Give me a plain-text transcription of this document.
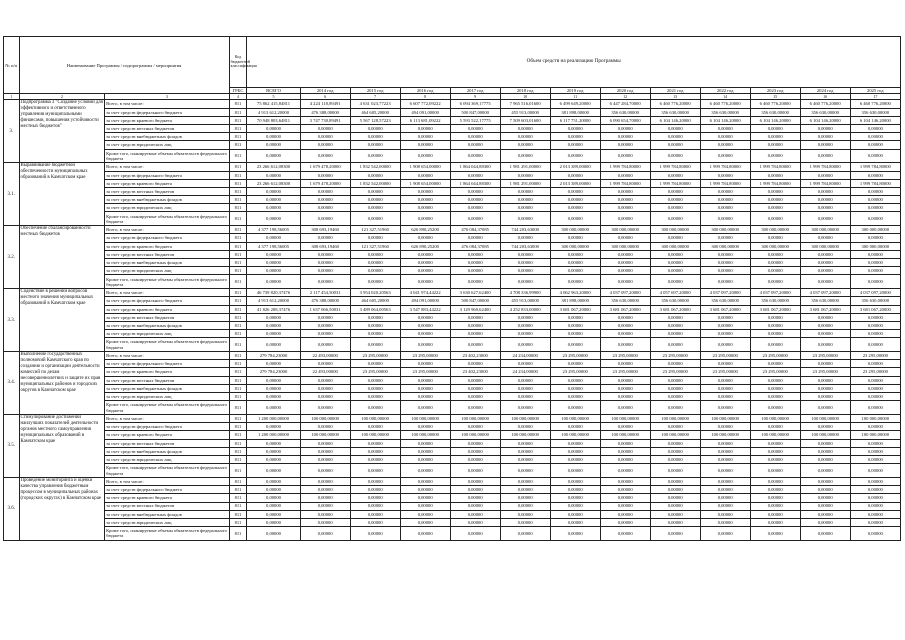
№ п/п	Наименование Программы / подпрограммы / мероприятия		Код бюджетной классификации	Объем средств на реализацию Программы												
			ГРБС	ВСЕГО	2014 год	2015 год	2016 год	2017 год	2018 год	2019 год	2020 год	2021 год	2022 год	2023 год	2024 год	2025 год
1	2	3	4	5	6	7	8	9	10	11	12	13	14	15	16	17
3.	Подпрограмма 3 "Создание условий для эффективного и ответственного управления муниципальными финансами, повышения устойчивости местных бюджетов"	Всего, в том числе:	811	75 862 415,84811	4 224 118,89491	4 631 023,77223	6 607 772,09222	6 094 369,17775	7 965 516,01600	6 499 649,20000	6 447 284,70000	6 460 776,20000	6 460 776,20000	6 460 776,20000	6 460 776,20000	6 460 776,20000
		за счет средств федерального бюджета	811	4 913 612,20000	476 388,00000	464 605,20000	494 091,00000	500 847,00000	455 913,00000	381 898,00000	356 630,00000	356 630,00000	356 630,00000	356 630,00000	356 630,00000	356 630,00000
		за счет средств краевого бюджета	811	70 948 803,64811	3 747 730,89491	5 567 128,57223	6 113 681,09222	5 593 522,17775	7 509 603,01600	6 117 751,20000	6 090 654,70000	6 104 146,20000	6 104 146,20000	6 104 146,20000	6 104 146,20000	6 104 146,20000
		за счет средств местных бюджетов	811	0,00000	0,00000	0,00000	0,00000	0,00000	0,00000	0,00000	0,00000	0,00000	0,00000	0,00000	0,00000	0,00000
		за счет средств внебюджетных фондов	811	0,00000	0,00000	0,00000	0,00000	0,00000	0,00000	0,00000	0,00000	0,00000	0,00000	0,00000	0,00000	0,00000
		за счет средств юридических лиц	811	0,00000	0,00000	0,00000	0,00000	0,00000	0,00000	0,00000	0,00000	0,00000	0,00000	0,00000	0,00000	0,00000
		Кроме того, планируемые объемы обязательств федерального бюджета	811	0,00000	0,00000	0,00000	0,00000	0,00000	0,00000	0,00000	0,00000	0,00000	0,00000	0,00000	0,00000	0,00000
3.1.	Выравнивание бюджетной обеспеченности муниципальных образований в Камчатском крае	Всего, в том числе:	811	23 266 612,08300	1 679 478,20000	1 832 542,00000	1 908 654,00000	1 864 044,88300	1 981 291,00000	2 013 389,00000	1 999 784,80000	1 999 784,80000	1 999 784,80000	1 999 784,80000	1 999 784,80000	1 999 784,80000
		за счет средств федерального бюджета	811	0,00000	0,00000	0,00000	0,00000	0,00000	0,00000	0,00000	0,00000	0,00000	0,00000	0,00000	0,00000	0,00000
		за счет средств краевого бюджета	811	23 266 612,08300	1 679 478,20000	1 832 542,00000	1 908 654,00000	1 864 044,88300	1 981 291,00000	2 013 389,00000	1 999 784,80000	1 999 784,80000	1 999 784,80000	1 999 784,80000	1 999 784,80000	1 999 784,80000
		за счет средств местных бюджетов	811	0,00000	0,00000	0,00000	0,00000	0,00000	0,00000	0,00000	0,00000	0,00000	0,00000	0,00000	0,00000	0,00000
		за счет средств внебюджетных фондов	811	0,00000	0,00000	0,00000	0,00000	0,00000	0,00000	0,00000	0,00000	0,00000	0,00000	0,00000	0,00000	0,00000
		за счет средств юридических лиц	811	0,00000	0,00000	0,00000	0,00000	0,00000	0,00000	0,00000	0,00000	0,00000	0,00000	0,00000	0,00000	0,00000
		Кроме того, планируемые объемы обязательств федерального бюджета	811	0,00000	0,00000	0,00000	0,00000	0,00000	0,00000	0,00000	0,00000	0,00000	0,00000	0,00000	0,00000	0,00000
3.2.	Обеспечение сбалансированности местных бюджетов	Всего, в том числе:	811	4 377 198,56005	308 693,19460	121 327,51960	626 890,25200	476 084,37085	744 203,63000	300 000,00000	300 000,00000	300 000,00000	300 000,00000	300 000,00000	300 000,00000	300 000,00000
		за счет средств федерального бюджета	811	0,00000	0,00000	0,00000	0,00000	0,00000	0,00000	0,00000	0,00000	0,00000	0,00000	0,00000	0,00000	0,00000
		за счет средств краевого бюджета	811	4 377 198,56005	308 693,19460	121 327,51960	626 890,25200	476 084,37085	744 203,63000	300 000,00000	300 000,00000	300 000,00000	300 000,00000	300 000,00000	300 000,00000	300 000,00000
		за счет средств местных бюджетов	811	0,00000	0,00000	0,00000	0,00000	0,00000	0,00000	0,00000	0,00000	0,00000	0,00000	0,00000	0,00000	0,00000
		за счет средств внебюджетных фондов	811	0,00000	0,00000	0,00000	0,00000	0,00000	0,00000	0,00000	0,00000	0,00000	0,00000	0,00000	0,00000	0,00000
		за счет средств юридических лиц	811	0,00000	0,00000	0,00000	0,00000	0,00000	0,00000	0,00000	0,00000	0,00000	0,00000	0,00000	0,00000	0,00000
		Кроме того, планируемые объемы обязательств федерального бюджета	811	0,00000	0,00000	0,00000	0,00000	0,00000	0,00000	0,00000	0,00000	0,00000	0,00000	0,00000	0,00000	0,00000
3.3.	Содействие в решении вопросов местного значения муниципальных образований в Камчатском крае	Всего, в том числе:	811	46 739 820,37476	2 117 454,50031	3 954 020,20563	4 041 974,44222	3 630 627,62400	4 708 336,99900	4 062 963,20000	4 037 097,20000	4 057 697,20000	4 037 097,20000	4 037 097,20000	4 037 097,20000	4 037 097,20000
		за счет средств федерального бюджета	811	4 913 612,20000	476 388,00000	464 605,20000	494 091,00000	500 847,00000	455 913,00000	381 898,00000	356 630,00000	356 630,00000	356 630,00000	356 630,00000	356 630,00000	356 630,00000
		за счет средств краевого бюджета	811	41 826 208,37476	1 637 066,50031	3 489 064,00563	3 547 883,44222	3 129 960,62400	4 252 833,00000	3 681 067,20000	3 681 067,20000	3 681 067,20000	3 681 067,20000	3 681 067,20000	3 681 067,20000	3 681 067,20000
		за счет средств местных бюджетов	811	0,00000	0,00000	0,00000	0,00000	0,00000	0,00000	0,00000	0,00000	0,00000	0,00000	0,00000	0,00000	0,00000
		за счет средств внебюджетных фондов	811	0,00000	0,00000	0,00000	0,00000	0,00000	0,00000	0,00000	0,00000	0,00000	0,00000	0,00000	0,00000	0,00000
		за счет средств юридических лиц	811	0,00000	0,00000	0,00000	0,00000	0,00000	0,00000	0,00000	0,00000	0,00000	0,00000	0,00000	0,00000	0,00000
		Кроме того, планируемые объемы обязательств федерального бюджета	811	0,00000	0,00000	0,00000	0,00000	0,00000	0,00000	0,00000	0,00000	0,00000	0,00000	0,00000	0,00000	0,00000
3.4.	Выполнение государственных полномочий Камчатского края по созданию и организации деятельности комиссий по делам несовершеннолетних и защите их прав муниципальных районов и городских округов в Камчатском крае	Всего, в том числе:	811	279 784,23000	22 493,00000	23 295,00000	23 295,00000	23 402,23000	24 234,00000	23 295,00000	23 295,00000	23 295,00000	23 295,00000	23 295,00000	23 295,00000	23 295,00000
		за счет средств федерального бюджета	811	0,00000	0,00000	0,00000	0,00000	0,00000	0,00000	0,00000	0,00000	0,00000	0,00000	0,00000	0,00000	0,00000
		за счет средств краевого бюджета	811	279 784,23000	22 493,00000	23 295,00000	23 295,00000	23 402,23000	24 234,00000	23 295,00000	23 295,00000	23 295,00000	23 295,00000	23 295,00000	23 295,00000	23 295,00000
		за счет средств местных бюджетов	811	0,00000	0,00000	0,00000	0,00000	0,00000	0,00000	0,00000	0,00000	0,00000	0,00000	0,00000	0,00000	0,00000
		за счет средств внебюджетных фондов	811	0,00000	0,00000	0,00000	0,00000	0,00000	0,00000	0,00000	0,00000	0,00000	0,00000	0,00000	0,00000	0,00000
		за счет средств юридических лиц	811	0,00000	0,00000	0,00000	0,00000	0,00000	0,00000	0,00000	0,00000	0,00000	0,00000	0,00000	0,00000	0,00000
		Кроме того, планируемые объемы обязательств федерального бюджета	811	0,00000	0,00000	0,00000	0,00000	0,00000	0,00000	0,00000	0,00000	0,00000	0,00000	0,00000	0,00000	0,00000
3.5.	Стимулирование достижений наилучших показателей деятельности органов местного самоуправления муниципальных образований в Камчатском крае	Всего, в том числе:	811	1 200 000,00000	100 000,00000	100 000,00000	100 000,00000	100 000,00000	100 000,00000	100 000,00000	100 000,00000	100 000,00000	100 000,00000	100 000,00000	100 000,00000	100 000,00000
		за счет средств федерального бюджета	811	0,00000	0,00000	0,00000	0,00000	0,00000	0,00000	0,00000	0,00000	0,00000	0,00000	0,00000	0,00000	0,00000
		за счет средств краевого бюджета	811	1 200 000,00000	100 000,00000	100 000,00000	100 000,00000	100 000,00000	100 000,00000	100 000,00000	100 000,00000	100 000,00000	100 000,00000	100 000,00000	100 000,00000	100 000,00000
		за счет средств местных бюджетов	811	0,00000	0,00000	0,00000	0,00000	0,00000	0,00000	0,00000	0,00000	0,00000	0,00000	0,00000	0,00000	0,00000
		за счет средств внебюджетных фондов	811	0,00000	0,00000	0,00000	0,00000	0,00000	0,00000	0,00000	0,00000	0,00000	0,00000	0,00000	0,00000	0,00000
		за счет средств юридических лиц	811	0,00000	0,00000	0,00000	0,00000	0,00000	0,00000	0,00000	0,00000	0,00000	0,00000	0,00000	0,00000	0,00000
		Кроме того, планируемые объемы обязательств федерального бюджета	811	0,00000	0,00000	0,00000	0,00000	0,00000	0,00000	0,00000	0,00000	0,00000	0,00000	0,00000	0,00000	0,00000
3.6.	Проведение мониторинга и оценки качества управления бюджетным процессом в муниципальных районах (городских округах) в Камчатском крае	Всего, в том числе:	811	0,00000	0,00000	0,00000	0,00000	0,00000	0,00000	0,00000	0,00000	0,00000	0,00000	0,00000	0,00000	0,00000
		за счет средств федерального бюджета	811	0,00000	0,00000	0,00000	0,00000	0,00000	0,00000	0,00000	0,00000	0,00000	0,00000	0,00000	0,00000	0,00000
		за счет средств краевого бюджета	811	0,00000	0,00000	0,00000	0,00000	0,00000	0,00000	0,00000	0,00000	0,00000	0,00000	0,00000	0,00000	0,00000
		за счет средств местных бюджетов	811	0,00000	0,00000	0,00000	0,00000	0,00000	0,00000	0,00000	0,00000	0,00000	0,00000	0,00000	0,00000	0,00000
		за счет средств внебюджетных фондов	811	0,00000	0,00000	0,00000	0,00000	0,00000	0,00000	0,00000	0,00000	0,00000	0,00000	0,00000	0,00000	0,00000
		за счет средств юридических лиц	811	0,00000	0,00000	0,00000	0,00000	0,00000	0,00000	0,00000	0,00000	0,00000	0,00000	0,00000	0,00000	0,00000
		Кроме того, планируемые объемы обязательств федерального бюджета	811	0,00000	0,00000	0,00000	0,00000	0,00000	0,00000	0,00000	0,00000	0,00000	0,00000	0,00000	0,00000	0,00000
